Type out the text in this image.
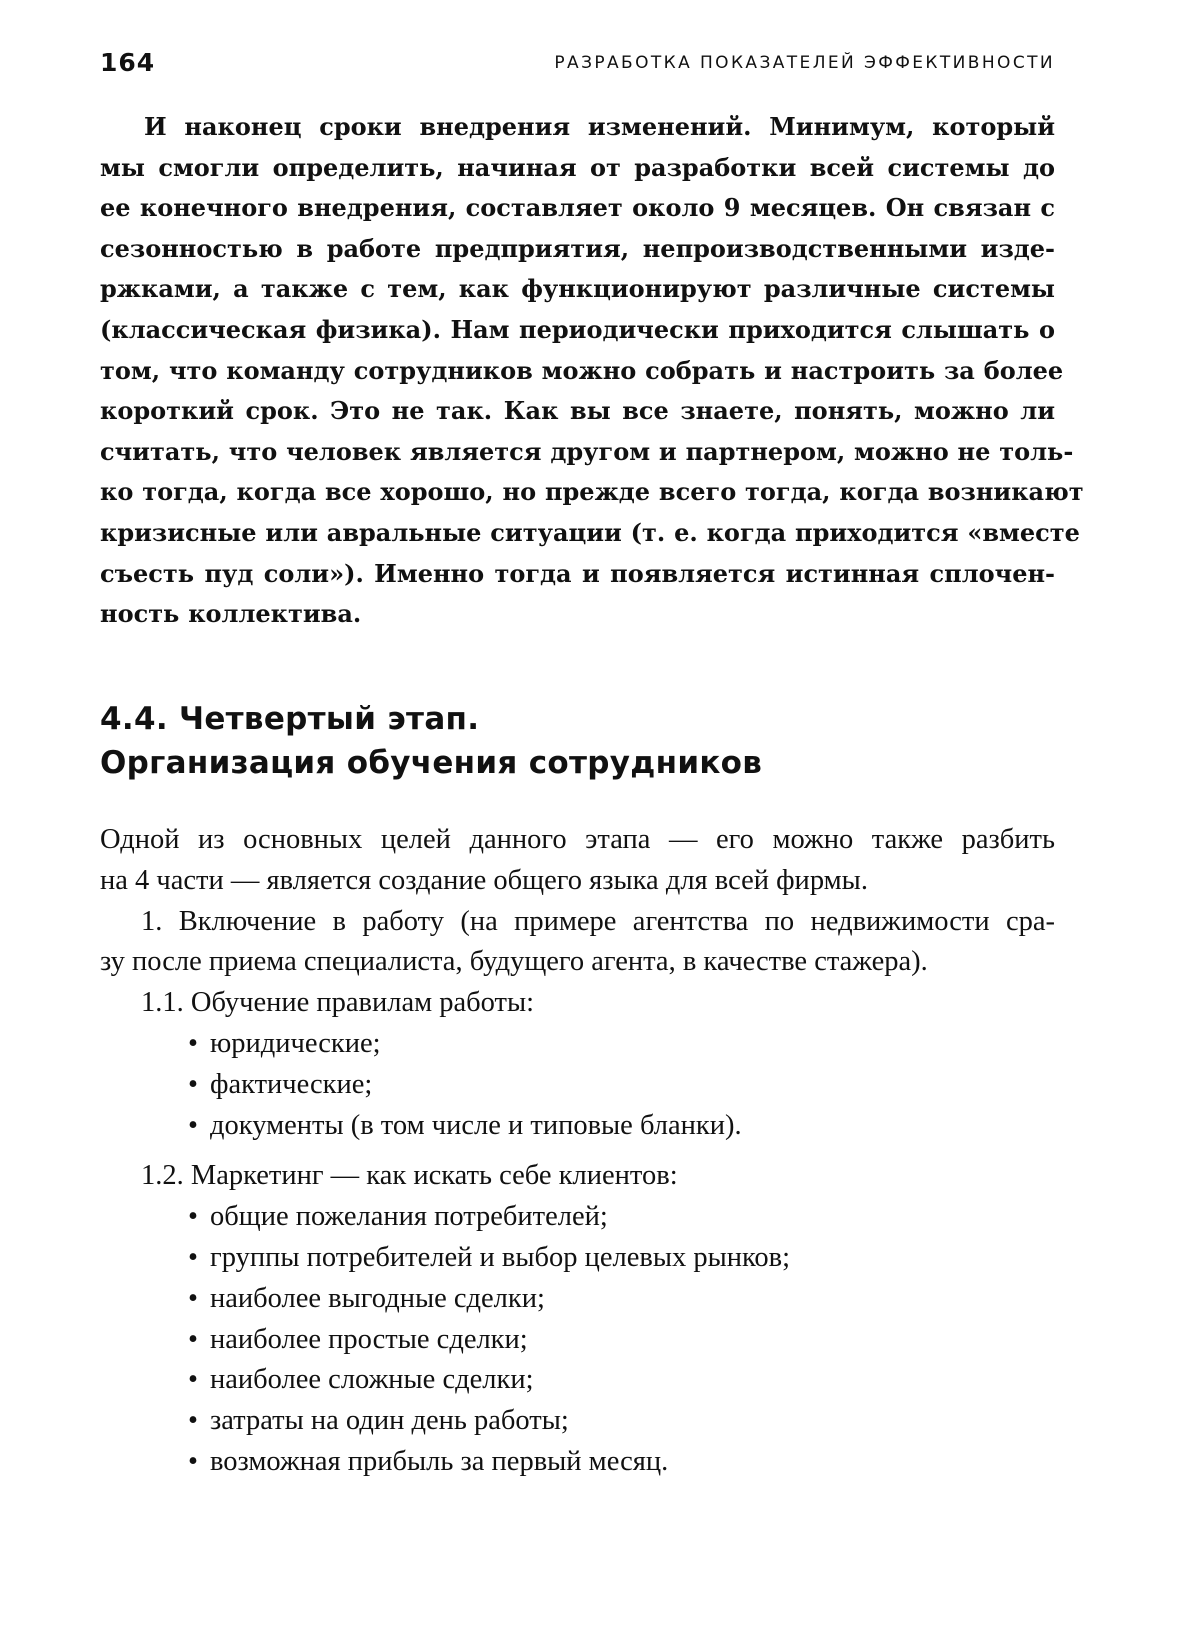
164	РАЗРАБОТКА ПОКАЗАТЕЛЕЙ ЭФФЕКТИВНОСТИ
И наконец сроки внедрения изменений. Минимум, который
мы смогли определить, начиная от разработки всей системы до
ее конечного внедрения, составляет около 9 месяцев. Он связан с
сезонностью в работе предприятия, непроизводственными изде-
ржками, а также с тем, как функционируют различные системы
(классическая физика). Нам периодически приходится слышать о
том, что команду сотрудников можно собрать и настроить за более
короткий срок. Это не так. Как вы все знаете, понять, можно ли
считать, что человек является другом и партнером, можно не толь-
ко тогда, когда все хорошо, но прежде всего тогда, когда возникают
кризисные или авральные ситуации (т. е. когда приходится «вместе
съесть пуд соли»). Именно тогда и появляется истинная сплочен-
ность коллектива.
4.4. Четвертый этап.
Организация обучения сотрудников
Одной из основных целей данного этапа — его можно также разбить
на 4 части — является создание общего языка для всей фирмы.
1. Включение в работу (на примере агентства по недвижимости сра-
зу после приема специалиста, будущего агента, в качестве стажера).
1.1. Обучение правилам работы:
• юридические;
• фактические;
• документы (в том числе и типовые бланки).
1.2. Маркетинг — как искать себе клиентов:
• общие пожелания потребителей;
• группы потребителей и выбор целевых рынков;
• наиболее выгодные сделки;
• наиболее простые сделки;
• наиболее сложные сделки;
• затраты на один день работы;
• возможная прибыль за первый месяц.
